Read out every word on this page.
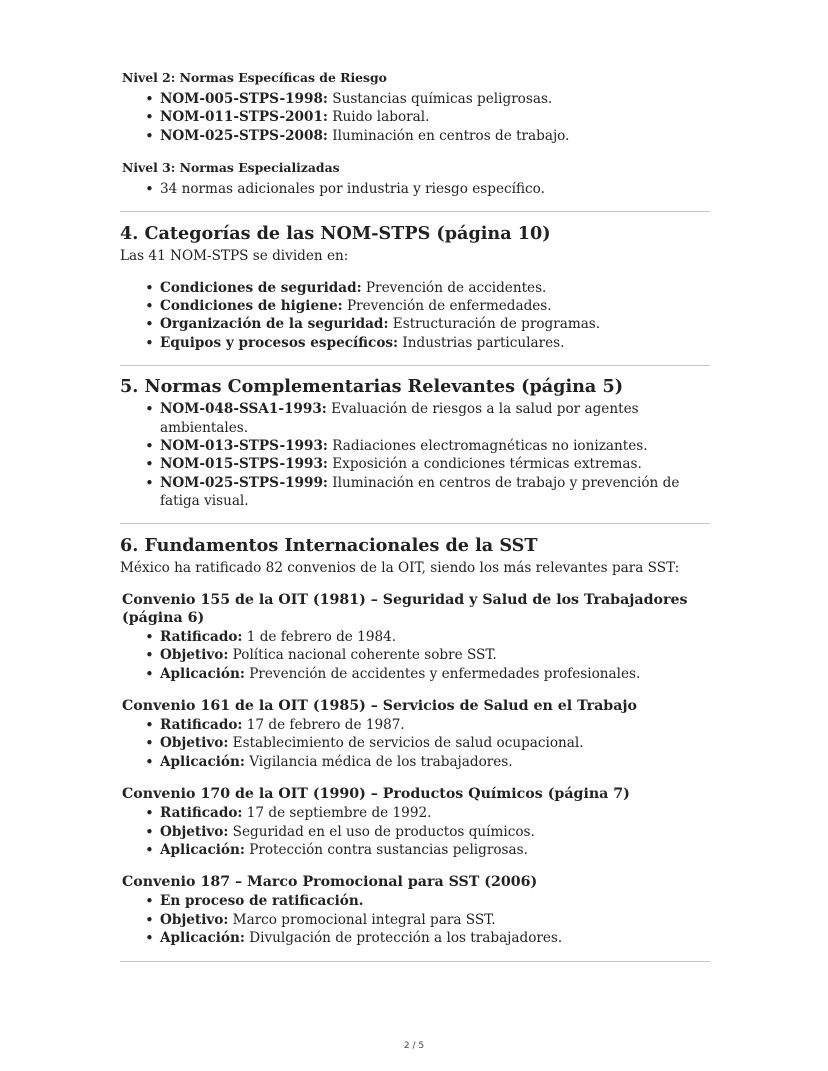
Nivel 2: Normas Específicas de Riesgo
• NOM-005-STPS-1998: Sustancias químicas peligrosas.
• NOM-011-STPS-2001: Ruido laboral.
• NOM-025-STPS-2008: Iluminación en centros de trabajo.
Nivel 3: Normas Especializadas
• 34 normas adicionales por industria y riesgo específico.
4. Categorías de las NOM-STPS (página 10)
Las 41 NOM-STPS se dividen en:
• Condiciones de seguridad: Prevención de accidentes.
• Condiciones de higiene: Prevención de enfermedades.
• Organización de la seguridad: Estructuración de programas.
• Equipos y procesos específicos: Industrias particulares.
5. Normas Complementarias Relevantes (página 5)
• NOM-048-SSA1-1993: Evaluación de riesgos a la salud por agentes ambientales.
• NOM-013-STPS-1993: Radiaciones electromagnéticas no ionizantes.
• NOM-015-STPS-1993: Exposición a condiciones térmicas extremas.
• NOM-025-STPS-1999: Iluminación en centros de trabajo y prevención de fatiga visual.
6. Fundamentos Internacionales de la SST
México ha ratificado 82 convenios de la OIT, siendo los más relevantes para SST:
Convenio 155 de la OIT (1981) – Seguridad y Salud de los Trabajadores (página 6)
• Ratificado: 1 de febrero de 1984.
• Objetivo: Política nacional coherente sobre SST.
• Aplicación: Prevención de accidentes y enfermedades profesionales.
Convenio 161 de la OIT (1985) – Servicios de Salud en el Trabajo
• Ratificado: 17 de febrero de 1987.
• Objetivo: Establecimiento de servicios de salud ocupacional.
• Aplicación: Vigilancia médica de los trabajadores.
Convenio 170 de la OIT (1990) – Productos Químicos (página 7)
• Ratificado: 17 de septiembre de 1992.
• Objetivo: Seguridad en el uso de productos químicos.
• Aplicación: Protección contra sustancias peligrosas.
Convenio 187 – Marco Promocional para SST (2006)
• En proceso de ratificación.
• Objetivo: Marco promocional integral para SST.
• Aplicación: Divulgación de protección a los trabajadores.
2 / 5
